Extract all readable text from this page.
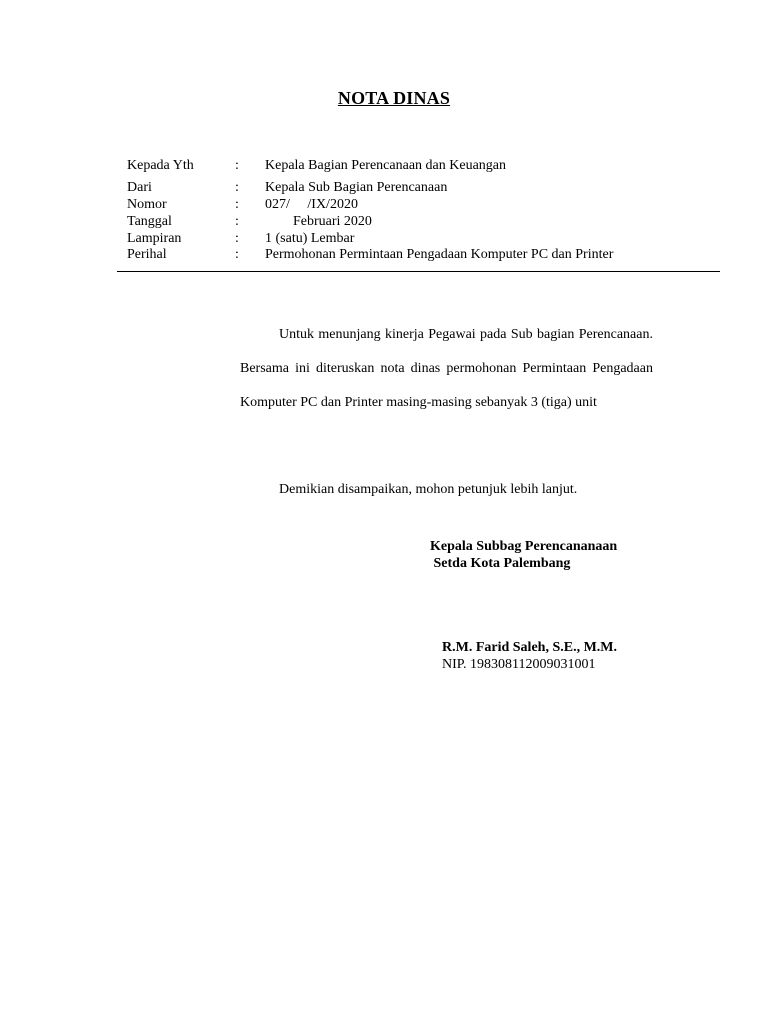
NOTA DINAS
Kepada Yth	:	Kepala Bagian Perencanaan dan Keuangan
Dari	:	Kepala Sub Bagian Perencanaan
Nomor	:	027/     /IX/2020
Tanggal	:	Februari 2020
Lampiran	:	1 (satu) Lembar
Perihal	:	Permohonan Permintaan Pengadaan Komputer PC dan Printer

Untuk menunjang kinerja Pegawai pada Sub bagian Perencanaan. Bersama ini diteruskan nota dinas permohonan Permintaan Pengadaan Komputer PC dan Printer masing-masing sebanyak 3 (tiga) unit

Demikian disampaikan, mohon petunjuk lebih lanjut.
Kepala Subbag Perencananaan
Setda Kota Palembang
R.M. Farid Saleh, S.E., M.M.
NIP. 198308112009031001
